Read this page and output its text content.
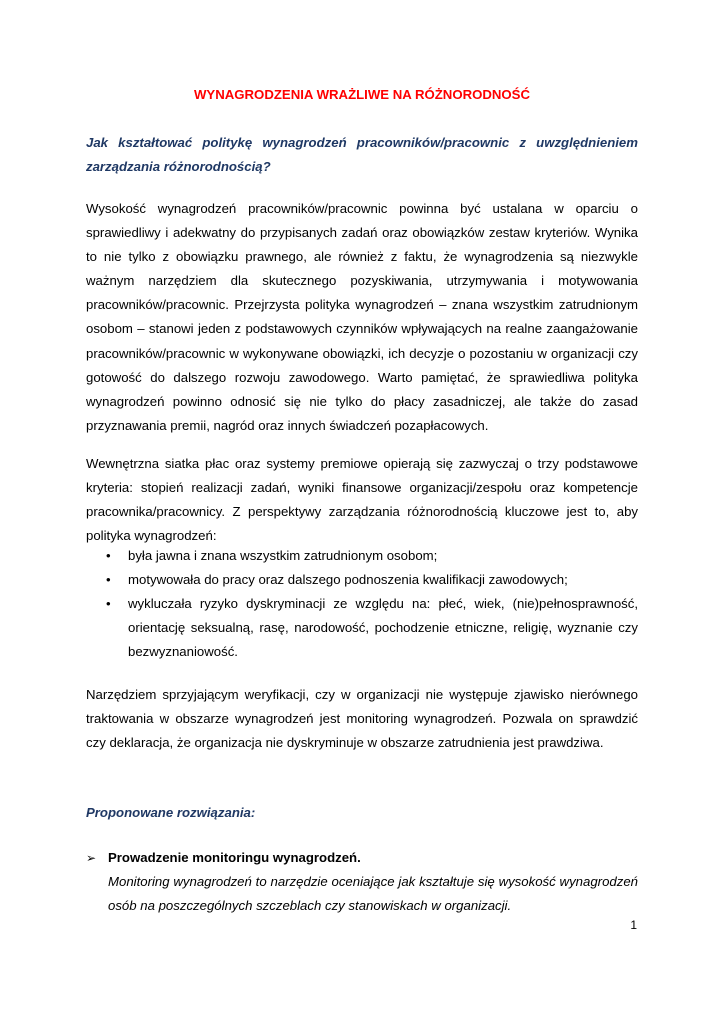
WYNAGRODZENIA WRAŻLIWE NA RÓŻNORODNOŚĆ
Jak kształtować politykę wynagrodzeń pracowników/pracownic z uwzględnieniem zarządzania różnorodnością?

Wysokość wynagrodzeń pracowników/pracownic powinna być ustalana w oparciu o sprawiedliwy i adekwatny do przypisanych zadań oraz obowiązków zestaw kryteriów. Wynika to nie tylko z obowiązku prawnego, ale również z faktu, że wynagrodzenia są niezwykle ważnym narzędziem dla skutecznego pozyskiwania, utrzymywania i motywowania pracowników/pracownic. Przejrzysta polityka wynagrodzeń – znana wszystkim zatrudnionym osobom – stanowi jeden z podstawowych czynników wpływających na realne zaangażowanie pracowników/pracownic w wykonywane obowiązki, ich decyzje o pozostaniu w organizacji czy gotowość do dalszego rozwoju zawodowego. Warto pamiętać, że sprawiedliwa polityka wynagrodzeń powinno odnosić się nie tylko do płacy zasadniczej, ale także do zasad przyznawania premii, nagród oraz innych świadczeń pozapłacowych.

Wewnętrzna siatka płac oraz systemy premiowe opierają się zazwyczaj o trzy podstawowe kryteria: stopień realizacji zadań, wyniki finansowe organizacji/zespołu oraz kompetencje pracownika/pracownicy. Z perspektywy zarządzania różnorodnością kluczowe jest to, aby polityka wynagrodzeń:

• była jawna i znana wszystkim zatrudnionym osobom;
• motywowała do pracy oraz dalszego podnoszenia kwalifikacji zawodowych;
• wykluczała ryzyko dyskryminacji ze względu na: płeć, wiek, (nie)pełnosprawność, orientację seksualną, rasę, narodowość, pochodzenie etniczne, religię, wyznanie czy bezwyznaniowość.

Narzędziem sprzyjającym weryfikacji, czy w organizacji nie występuje zjawisko nierównego traktowania w obszarze wynagrodzeń jest monitoring wynagrodzeń. Pozwala on sprawdzić czy deklaracja, że organizacja nie dyskryminuje w obszarze zatrudnienia jest prawdziwa.

Proponowane rozwiązania:
➢ Prowadzenie monitoringu wynagrodzeń.
Monitoring wynagrodzeń to narzędzie oceniające jak kształtuje się wysokość wynagrodzeń osób na poszczególnych szczeblach czy stanowiskach w organizacji.
1
